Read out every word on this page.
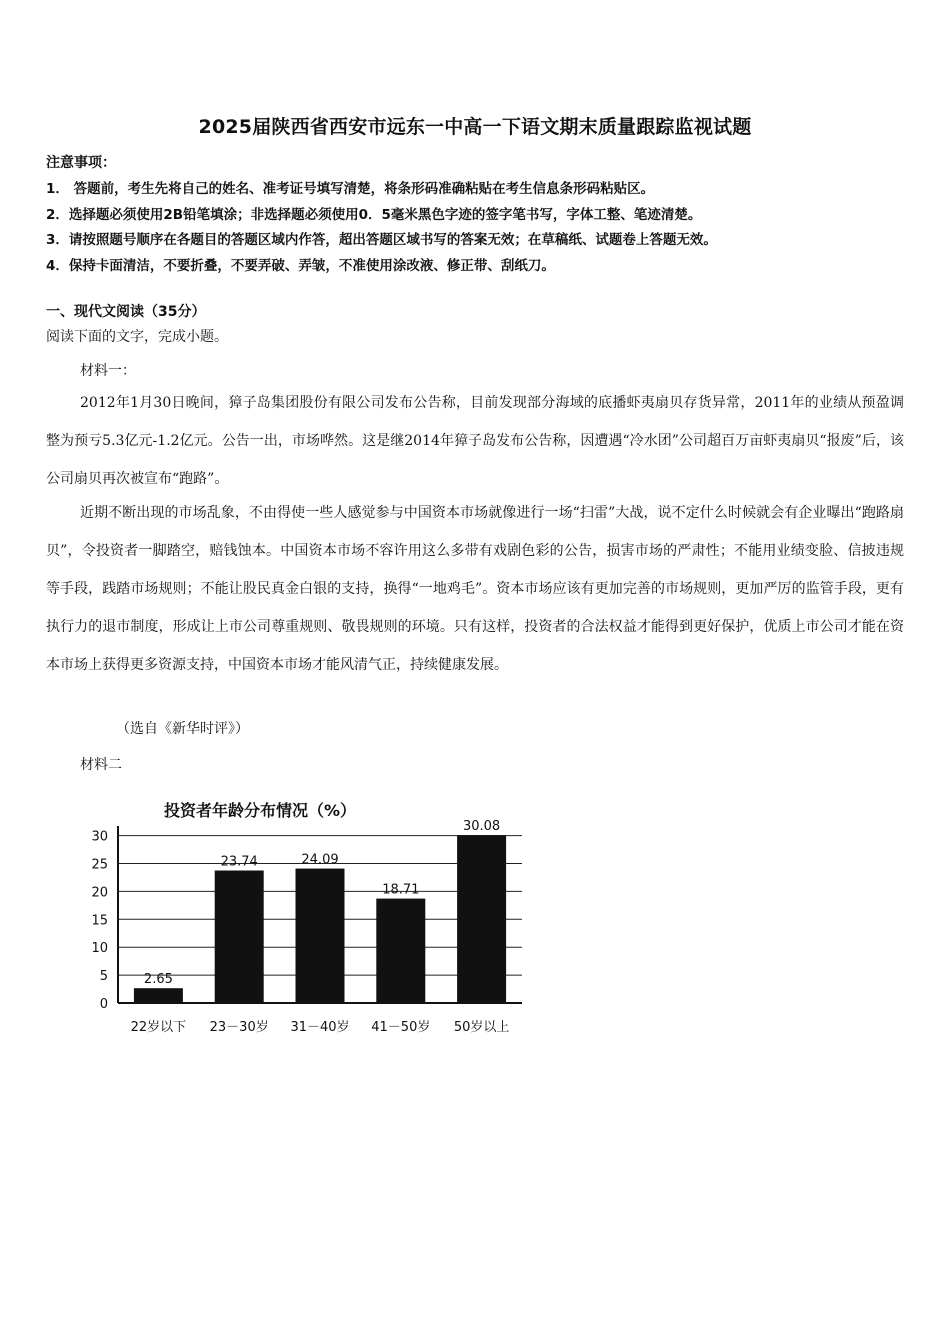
2025届陕西省西安市远东一中高一下语文期末质量跟踪监视试题
注意事项：
1． 答题前，考生先将自己的姓名、准考证号填写清楚，将条形码准确粘贴在考生信息条形码粘贴区。
2．选择题必须使用2B铅笔填涂；非选择题必须使用0．5毫米黑色字迹的签字笔书写，字体工整、笔迹清楚。
3．请按照题号顺序在各题目的答题区域内作答，超出答题区域书写的答案无效；在草稿纸、试题卷上答题无效。
4．保持卡面清洁，不要折叠，不要弄破、弄皱，不准使用涂改液、修正带、刮纸刀。
一、现代文阅读（35分）
阅读下面的文字，完成小题。
材料一：
2012年1月30日晚间，獐子岛集团股份有限公司发布公告称，目前发现部分海域的底播虾夷扇贝存货异常，2011年的业绩从预盈调整为预亏5.3亿元-1.2亿元。公告一出，市场哗然。这是继2014年獐子岛发布公告称，因遭遇“冷水团”公司超百万亩虾夷扇贝“报废”后，该公司扇贝再次被宣布“跑路”。
近期不断出现的市场乱象，不由得使一些人感觉参与中国资本市场就像进行一场“扫雷”大战，说不定什么时候就会有企业曝出“跑路扇贝”，令投资者一脚踏空，赔钱蚀本。中国资本市场不容许用这么多带有戏剧色彩的公告，损害市场的严肃性；不能用业绩变脸、信披违规等手段，践踏市场规则；不能让股民真金白银的支持，换得“一地鸡毛”。资本市场应该有更加完善的市场规则，更加严厉的监管手段，更有执行力的退市制度，形成让上市公司尊重规则、敬畏规则的环境。只有这样，投资者的合法权益才能得到更好保护，优质上市公司才能在资本市场上获得更多资源支持，中国资本市场才能风清气正，持续健康发展。
（选自《新华时评》）
材料二
投资者年龄分布情况（%）
2.65
23.74	24.09
18.71
30.08
0
5
10
15
20
25
30
22岁以下 23－30岁 31－40岁 41－50岁 50岁以上
